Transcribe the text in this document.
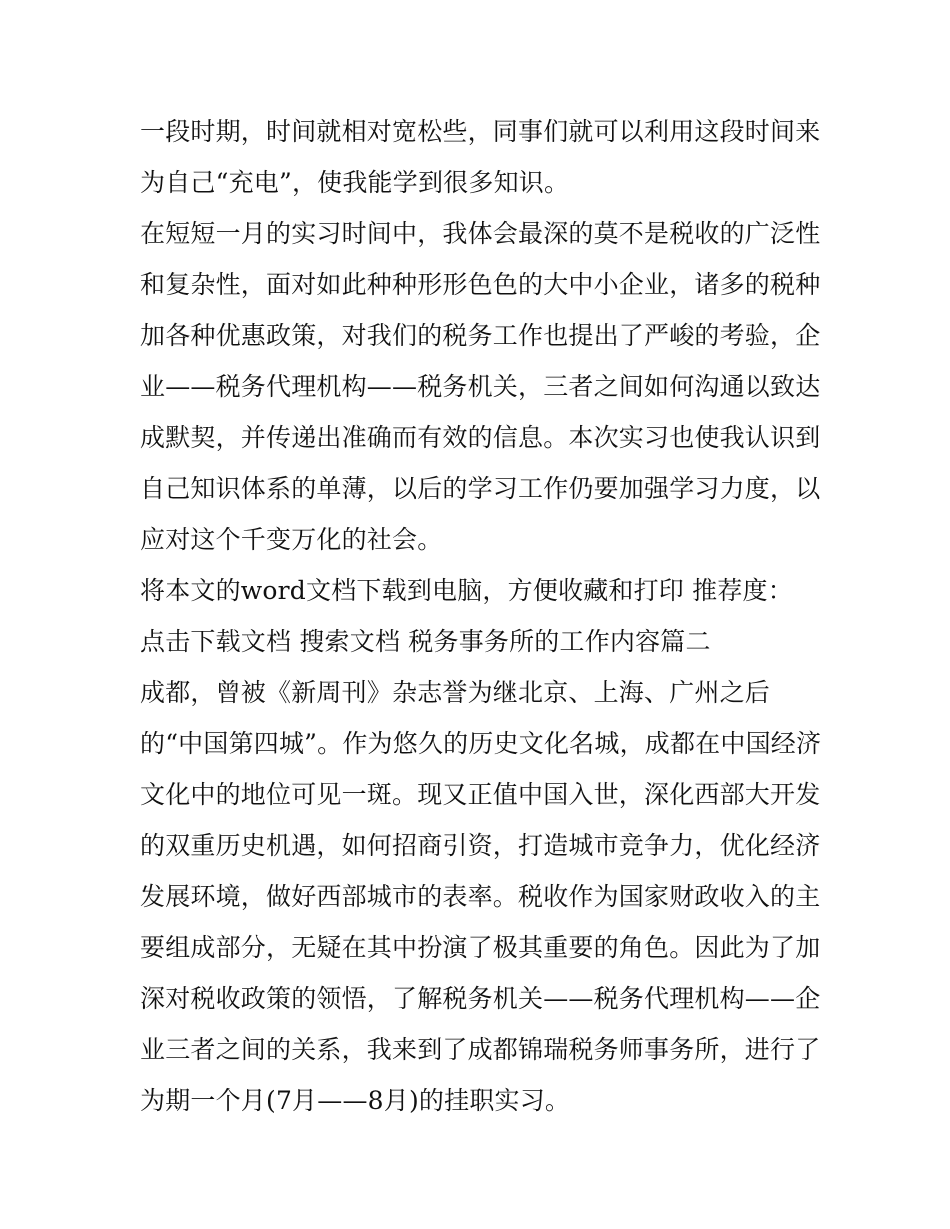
一段时期，时间就相对宽松些，同事们就可以利用这段时间来
为自己“充电”，使我能学到很多知识。
在短短一月的实习时间中，我体会最深的莫不是税收的广泛性
和复杂性，面对如此种种形形色色的大中小企业，诸多的税种
加各种优惠政策，对我们的税务工作也提出了严峻的考验，企
业——税务代理机构——税务机关，三者之间如何沟通以致达
成默契，并传递出准确而有效的信息。本次实习也使我认识到
自己知识体系的单薄，以后的学习工作仍要加强学习力度，以
应对这个千变万化的社会。
将本文的word文档下载到电脑，方便收藏和打印 推荐度：
点击下载文档 搜索文档 税务事务所的工作内容篇二
成都，曾被《新周刊》杂志誉为继北京、上海、广州之后
的“中国第四城”。作为悠久的历史文化名城，成都在中国经济
文化中的地位可见一斑。现又正值中国入世，深化西部大开发
的双重历史机遇，如何招商引资，打造城市竞争力，优化经济
发展环境，做好西部城市的表率。税收作为国家财政收入的主
要组成部分，无疑在其中扮演了极其重要的角色。因此为了加
深对税收政策的领悟，了解税务机关——税务代理机构——企
业三者之间的关系，我来到了成都锦瑞税务师事务所，进行了
为期一个月(7月——8月)的挂职实习。
